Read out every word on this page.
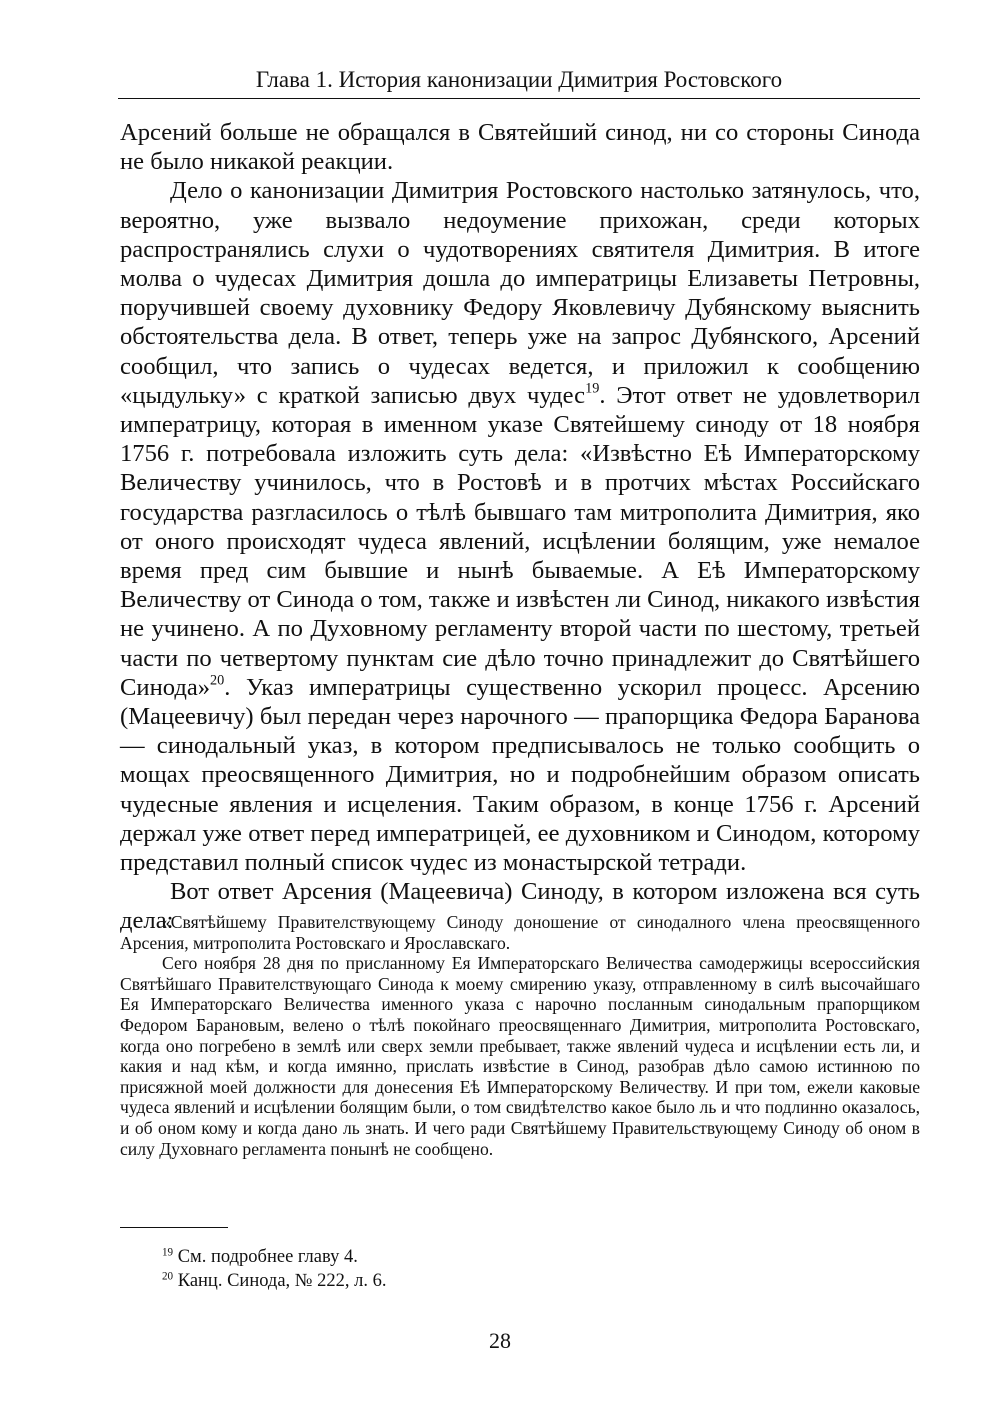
Глава 1. История канонизации Димитрия Ростовского

Арсений больше не обращался в Святейший синод, ни со стороны Синода не было никакой реакции.

Дело о канонизации Димитрия Ростовского настолько затянулось, что, вероятно, уже вызвало недоумение прихожан, среди которых распространялись слухи о чудотворениях святителя Димитрия. В итоге молва о чудесах Димитрия дошла до императрицы Елизаветы Петровны, поручившей своему духовнику Федору Яковлевичу Дубянскому выяснить обстоятельства дела. В ответ, теперь уже на запрос Дубянского, Арсений сообщил, что запись о чудесах ведется, и приложил к сообщению «цыдульку» с краткой записью двух чудес$^{19}$. Этот ответ не удовлетворил императрицу, которая в именном указе Святейшему синоду от 18 ноября 1756 г. потребовала изложить суть дела: «Извѣстно Еѣ Императорскому Величеству учинилось, что в Ростовѣ и в протчих мѣстах Российскаго государства разгласилось о тѣлѣ бывшаго там митрополита Димитрия, яко от оного происходят чудеса явлений, исцѣлении болящим, уже немалое время пред сим бывшие и нынѣ бываемые. А Еѣ Императорскому Величеству от Синода о том, также и извѣстен ли Синод, никакого извѣстия не учинено. А по Духовному регламенту второй части по шестому, третьей части по четвертому пунктам сие дѣло точно принадлежит до Святѣйшего Синода»$^{20}$. Указ императрицы существенно ускорил процесс. Арсению (Мацеевичу) был передан через нарочного — прапорщика Федора Баранова — синодальный указ, в котором предписывалось не только сообщить о мощах преосвященного Димитрия, но и подробнейшим образом описать чудесные явления и исцеления. Таким образом, в конце 1756 г. Арсений держал уже ответ перед императрицей, ее духовником и Синодом, которому представил полный список чудес из монастырской тетради.

Вот ответ Арсения (Мацеевича) Синоду, в котором изложена вся суть дела:

«Святѣйшему Правителствующему Синоду доношение от синодалного члена преосвященного Арсения, митрополита Ростовскаго и Ярославскаго.

Сего ноября 28 дня по присланному Ея Императорскаго Величества самодержицы всероссийския Святѣйшаго Правителствующаго Синода к моему смирению указу, отправленному в силѣ высочайшаго Ея Императорскаго Величества именного указа с нарочно посланным синодальным прапорщиком Федором Барановым, велено о тѣлѣ покойнаго преосвященнаго Димитрия, митрополита Ростовскаго, когда оно погребено в землѣ или сверх земли пребывает, также явлений чудеса и исцѣлении есть ли, и какия и над кѣм, и когда имянно, прислать извѣстие в Синод, разобрав дѣло самою истинною по присяжной моей должности для донесения Еѣ Императорскому Величеству. И при том, ежели каковые чудеса явлений и исцѣлении болящим были, о том свидѣтелство какое было ль и что подлинно оказалось, и об оном кому и когда дано ль знать. И чего ради Святѣйшему Правительствующему Синоду об оном в силу Духовнаго регламента понынѣ не сообщено.

$^{19}$ См. подробнее главу 4.

$^{20}$ Канц. Синода, № 222, л. 6.

28
